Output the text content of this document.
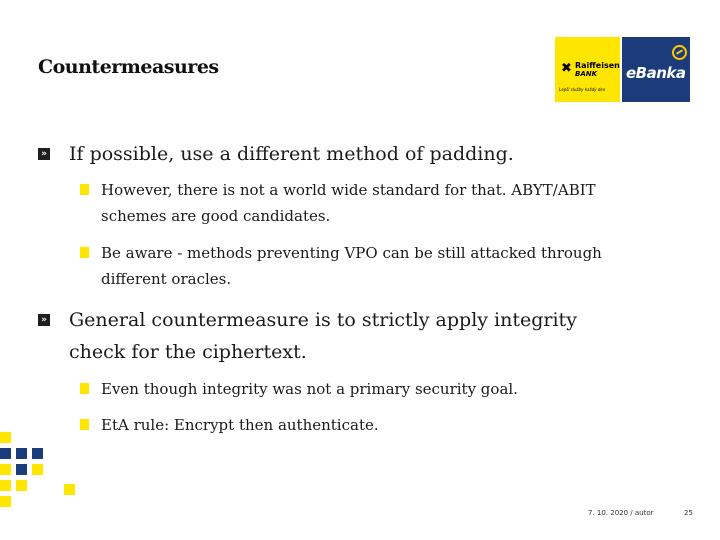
Countermeasures	✖ Raiffeisen
BANK
Lepší služby každý den
eBanka
» If possible, use a different method of padding.
However, there is not a world wide standard for that. ABYT/ABIT schemes are good candidates.
Be aware - methods preventing VPO can be still attacked through different oracles.
» General countermeasure is to strictly apply integrity check for the ciphertext.
Even though integrity was not a primary security goal.
EtA rule: Encrypt then authenticate.
7. 10. 2020 / autor	25
